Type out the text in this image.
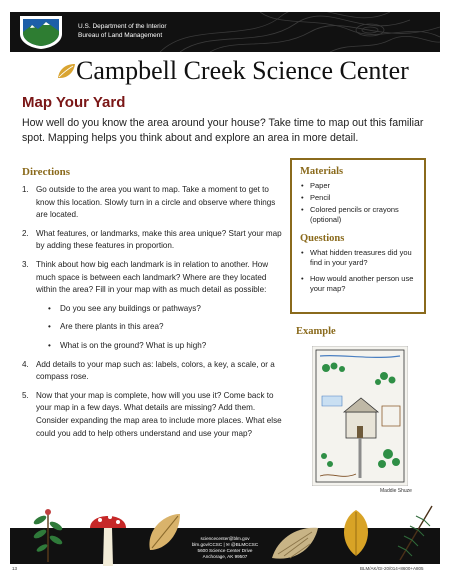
U.S. Department of the Interior
Bureau of Land Management
Campbell Creek Science Center
Map Your Yard
How well do you know the area around your house? Take time to map out this familiar spot. Mapping helps you think about and explore an area in more detail.
Directions
1. Go outside to the area you want to map. Take a moment to get to know this location. Slowly turn in a circle and observe where things are located.
2. What features, or landmarks, make this area unique? Start your map by adding these features in proportion.
3. Think about how big each landmark is in relation to another. How much space is between each landmark? Where are they located within the area? Fill in your map with as much detail as possible:
• Do you see any buildings or pathways?
• Are there plants in this area?
• What is on the ground? What is up high?
4. Add details to your map such as: labels, colors, a key, a scale, or a compass rose.
5. Now that your map is complete, how will you use it? Come back to your map in a few days. What details are missing? Add them. Consider expanding the map area to include more places. What else could you add to help others understand and use your map?
Materials
• Paper
• Pencil
• Colored pencils or crayons (optional)
Questions
• What hidden treasures did you find in your yard?
• How would another person use your map?
Example
Maddie Shuze
sciencecenter@blm.gov
blm.gov/CCSC | ✉ @BLMCCSC
5600 Science Center Drive
Anchorage, AK 99507
13	BLM/AK/GI-20/014+8600+A805
